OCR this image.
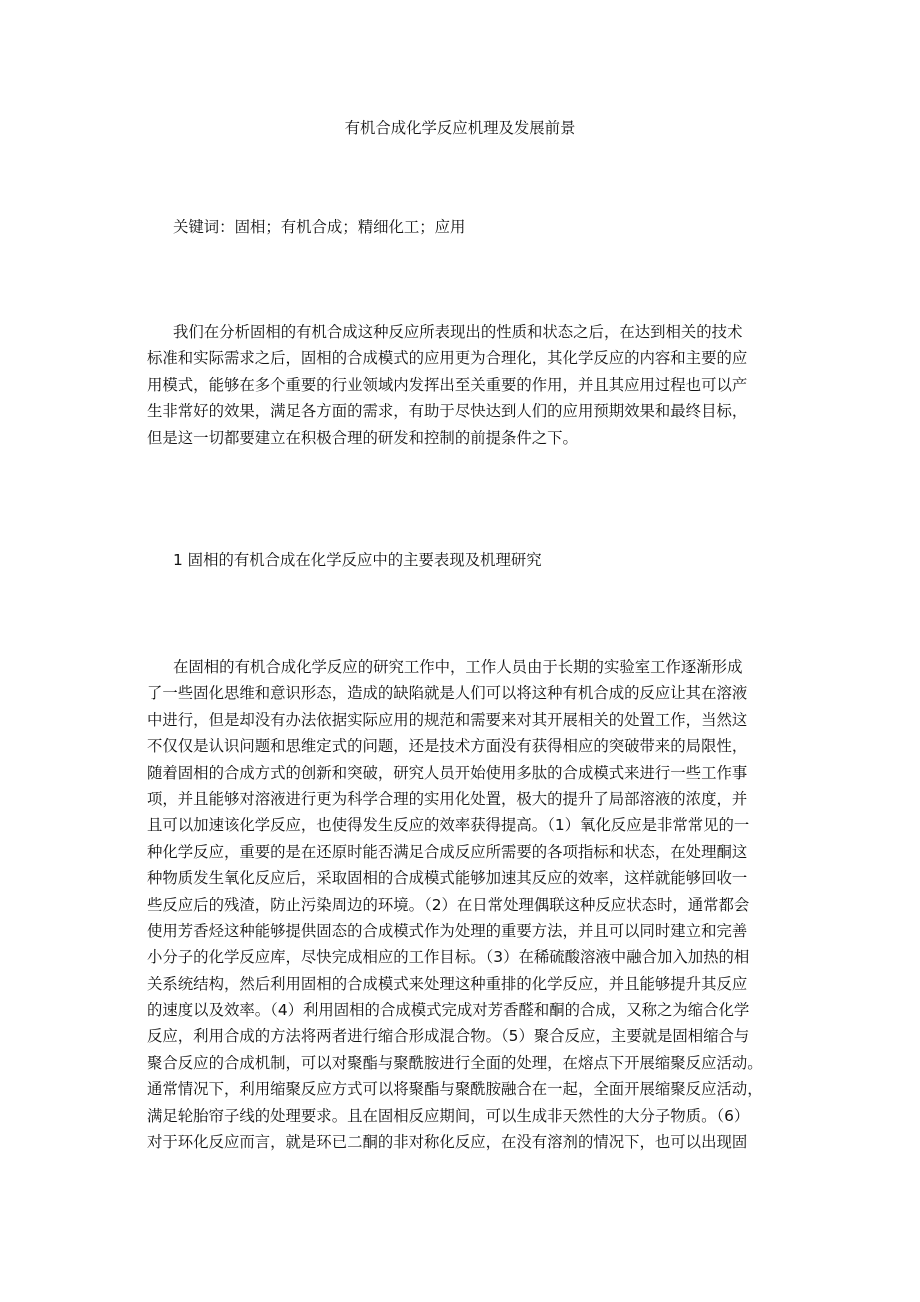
有机合成化学反应机理及发展前景
关键词：固相；有机合成；精细化工；应用
我们在分析固相的有机合成这种反应所表现出的性质和状态之后，在达到相关的技术
标准和实际需求之后，固相的合成模式的应用更为合理化，其化学反应的内容和主要的应
用模式，能够在多个重要的行业领域内发挥出至关重要的作用，并且其应用过程也可以产
生非常好的效果，满足各方面的需求，有助于尽快达到人们的应用预期效果和最终目标，
但是这一切都要建立在积极合理的研发和控制的前提条件之下。
1 固相的有机合成在化学反应中的主要表现及机理研究
在固相的有机合成化学反应的研究工作中，工作人员由于长期的实验室工作逐渐形成
了一些固化思维和意识形态，造成的缺陷就是人们可以将这种有机合成的反应让其在溶液
中进行，但是却没有办法依据实际应用的规范和需要来对其开展相关的处置工作，当然这
不仅仅是认识问题和思维定式的问题，还是技术方面没有获得相应的突破带来的局限性，
随着固相的合成方式的创新和突破，研究人员开始使用多肽的合成模式来进行一些工作事
项，并且能够对溶液进行更为科学合理的实用化处置，极大的提升了局部溶液的浓度，并
且可以加速该化学反应，也使得发生反应的效率获得提高。（1）氧化反应是非常常见的一
种化学反应，重要的是在还原时能否满足合成反应所需要的各项指标和状态，在处理酮这
种物质发生氧化反应后，采取固相的合成模式能够加速其反应的效率，这样就能够回收一
些反应后的残渣，防止污染周边的环境。（2）在日常处理偶联这种反应状态时，通常都会
使用芳香烃这种能够提供固态的合成模式作为处理的重要方法，并且可以同时建立和完善
小分子的化学反应库，尽快完成相应的工作目标。（3）在稀硫酸溶液中融合加入加热的相
关系统结构，然后利用固相的合成模式来处理这种重排的化学反应，并且能够提升其反应
的速度以及效率。（4）利用固相的合成模式完成对芳香醛和酮的合成，又称之为缩合化学
反应，利用合成的方法将两者进行缩合形成混合物。（5）聚合反应，主要就是固相缩合与
聚合反应的合成机制，可以对聚酯与聚酰胺进行全面的处理，在熔点下开展缩聚反应活动。
通常情况下，利用缩聚反应方式可以将聚酯与聚酰胺融合在一起，全面开展缩聚反应活动，
满足轮胎帘子线的处理要求。且在固相反应期间，可以生成非天然性的大分子物质。（6）
对于环化反应而言，就是环已二酮的非对称化反应，在没有溶剂的情况下，也可以出现固
